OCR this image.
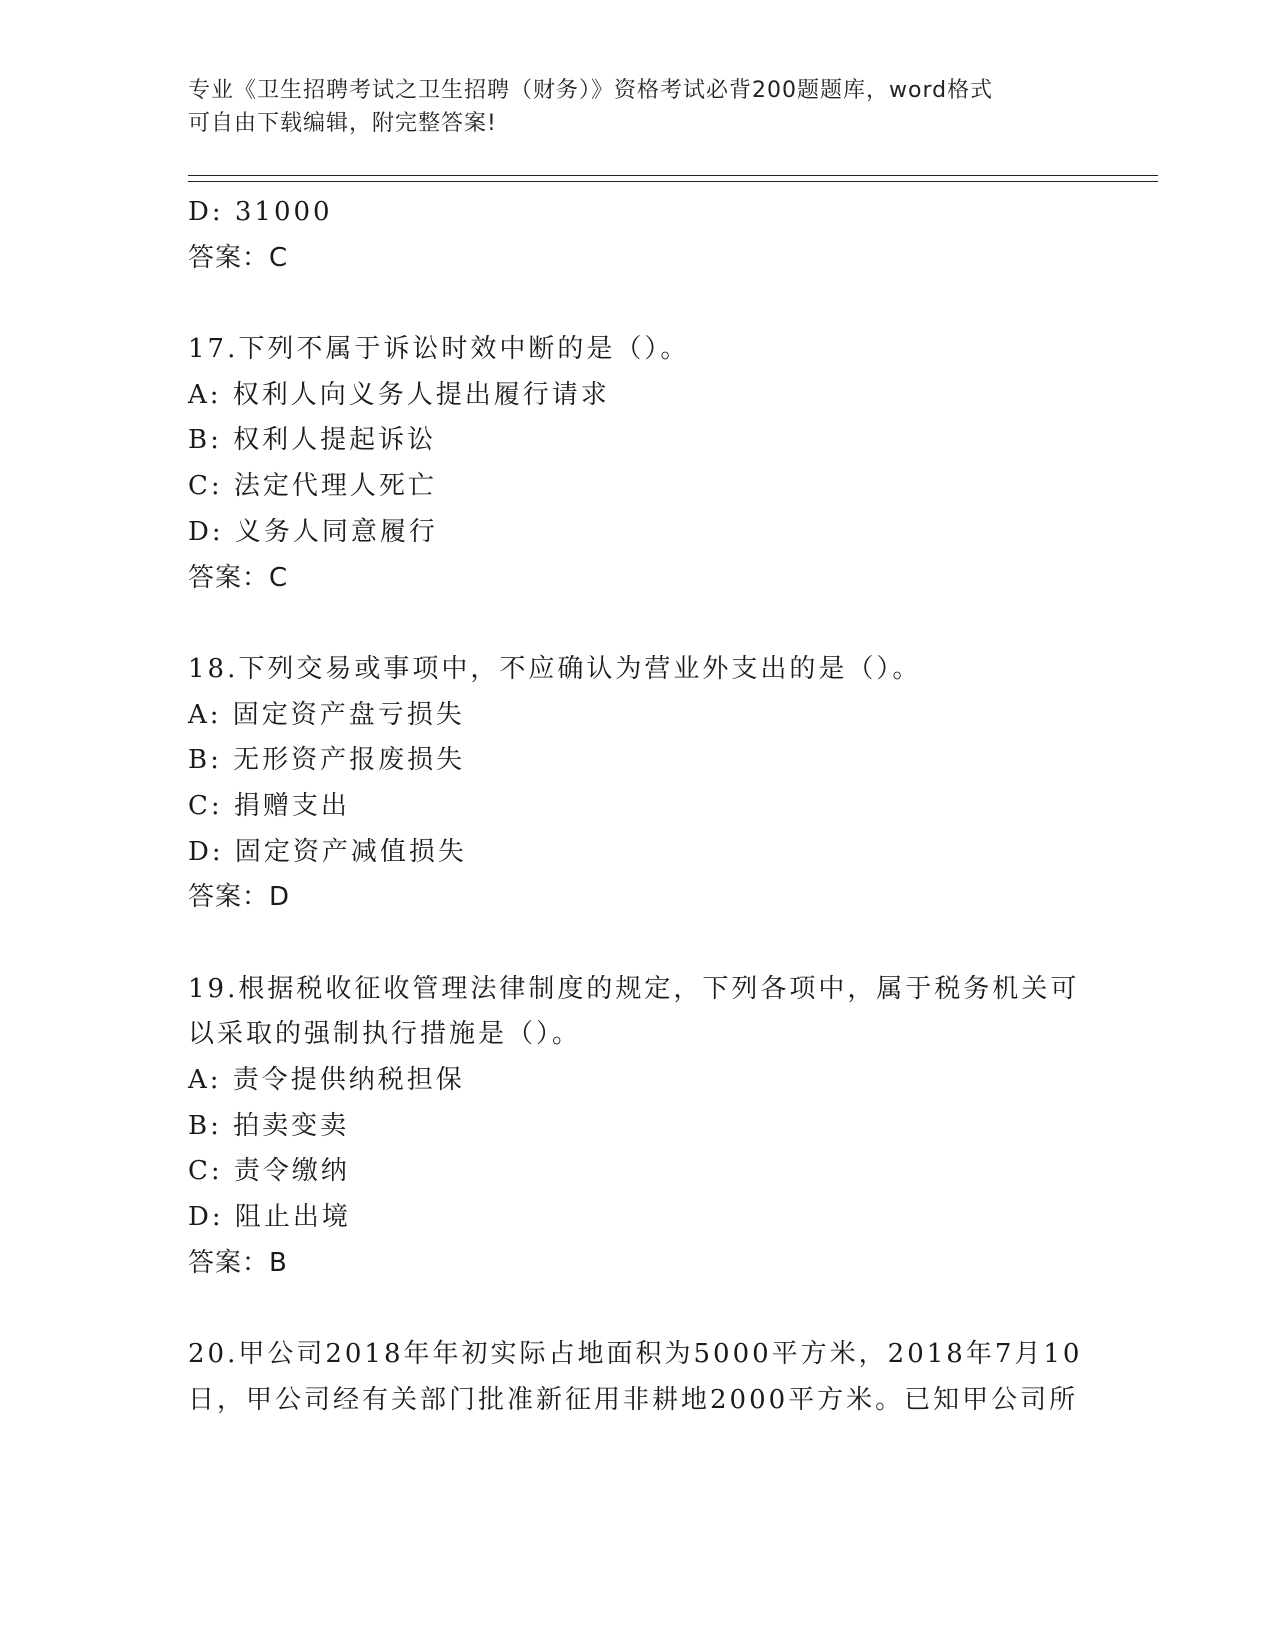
专业《卫生招聘考试之卫生招聘（财务）》资格考试必背200题题库，word格式
可自由下载编辑，附完整答案!
D: 31000
答案：C
17.下列不属于诉讼时效中断的是（）。
A: 权利人向义务人提出履行请求
B: 权利人提起诉讼
C: 法定代理人死亡
D: 义务人同意履行
答案：C
18.下列交易或事项中，不应确认为营业外支出的是（）。
A: 固定资产盘亏损失
B: 无形资产报废损失
C: 捐赠支出
D: 固定资产减值损失
答案：D
19.根据税收征收管理法律制度的规定，下列各项中，属于税务机关可
以采取的强制执行措施是（）。
A: 责令提供纳税担保
B: 拍卖变卖
C: 责令缴纳
D: 阻止出境
答案：B
20.甲公司2018年年初实际占地面积为5000平方米，2018年7月10
日，甲公司经有关部门批准新征用非耕地2000平方米。已知甲公司所
